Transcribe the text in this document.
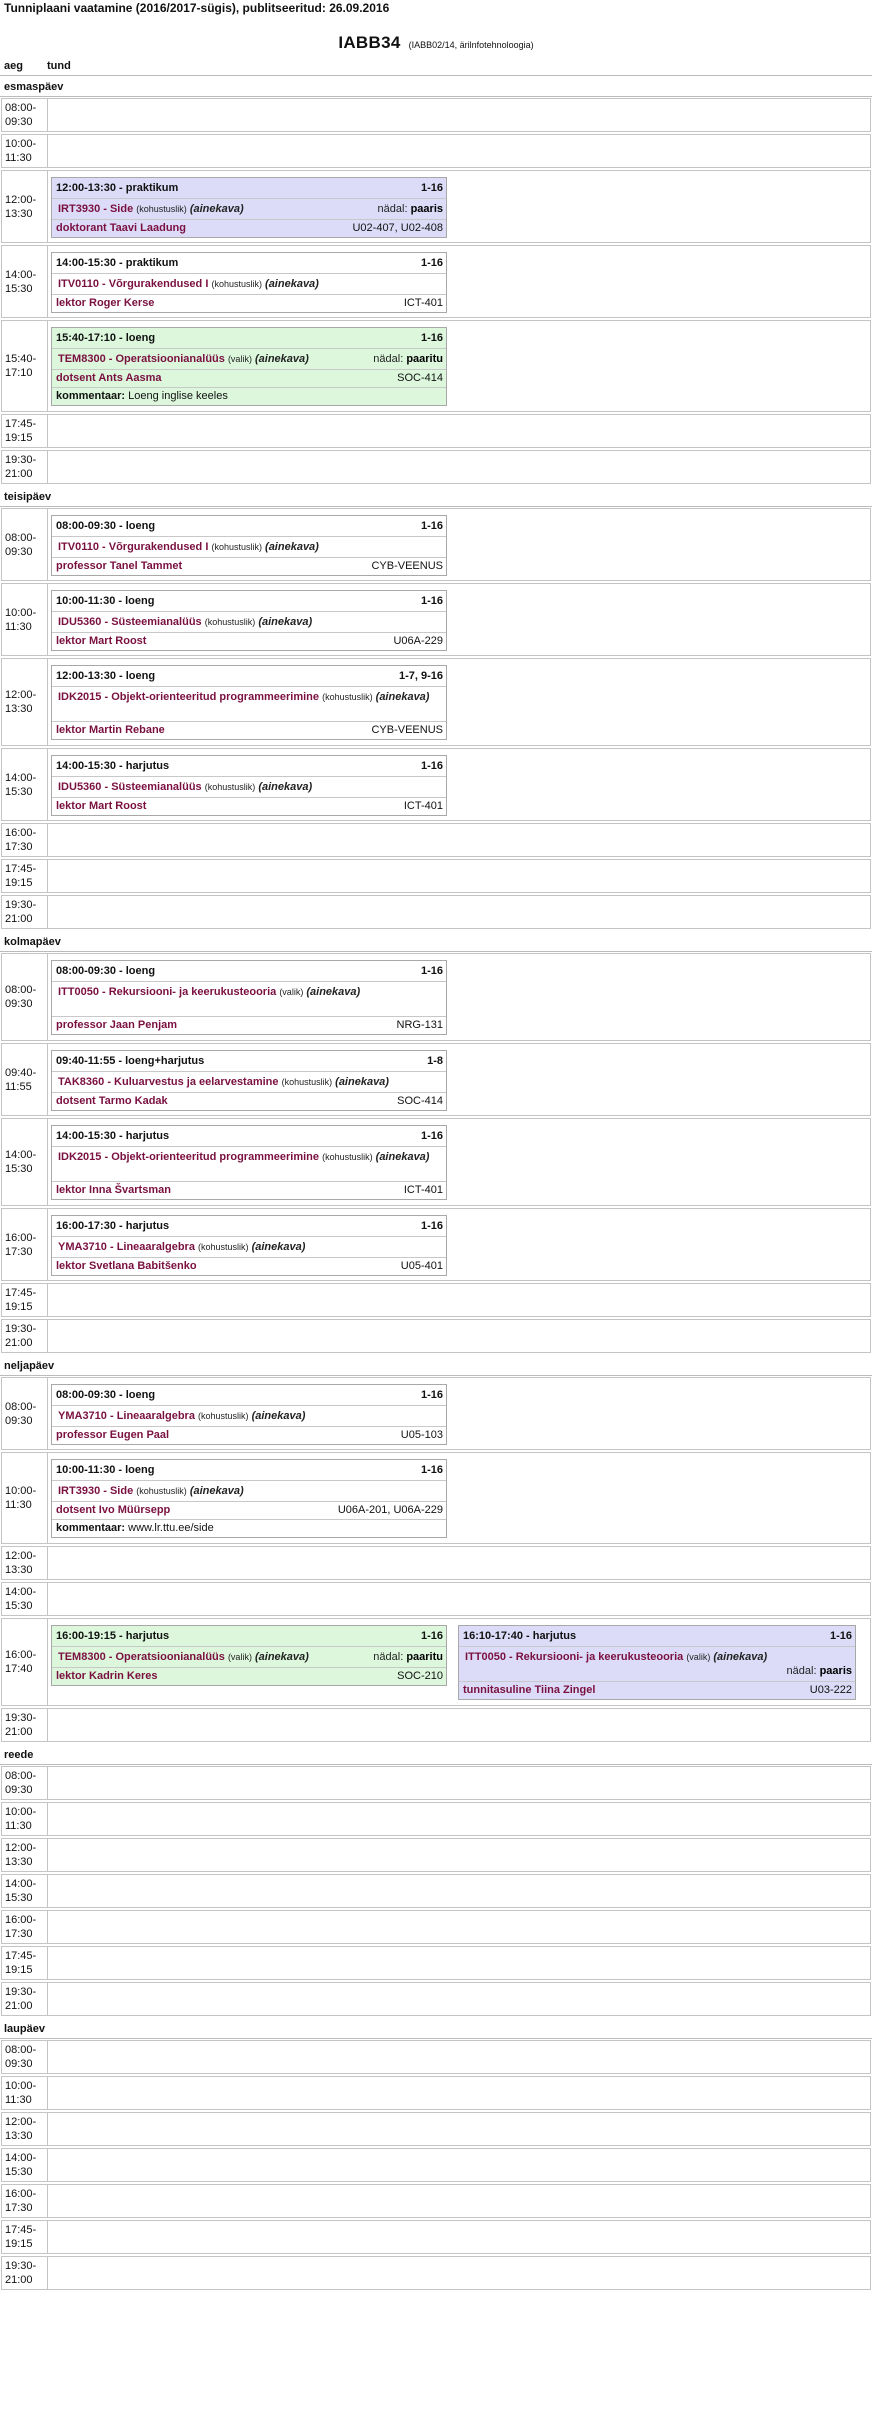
Tunniplaani vaatamine (2016/2017-sügis), publitseeritud: 26.09.2016
IABB34 (IABB02/14, ärilnfotehnoloogia)
aeg tund
esmaspäev
08:00-
09:30
10:00-
11:30
12:00-
13:30
12:00-13:30 - praktikum	1-16
IRT3930 - Side (kohustuslik) (ainekava)	nädal: paaris
doktorant Taavi Laadung	U02-407, U02-408
14:00-
15:30
14:00-15:30 - praktikum	1-16
ITV0110 - Võrgurakendused I (kohustuslik) (ainekava)
lektor Roger Kerse	ICT-401
15:40-
17:10
15:40-17:10 - loeng	1-16
TEM8300 - Operatsioonianalüüs (valik) (ainekava)	nädal: paaritu
dotsent Ants Aasma	SOC-414
kommentaar: Loeng inglise keeles
17:45-
19:15
19:30-
21:00
teisipäev
08:00-
09:30
08:00-09:30 - loeng	1-16
ITV0110 - Võrgurakendused I (kohustuslik) (ainekava)
professor Tanel Tammet	CYB-VEENUS
10:00-
11:30
10:00-11:30 - loeng	1-16
IDU5360 - Süsteemianalüüs (kohustuslik) (ainekava)
lektor Mart Roost	U06A-229
12:00-
13:30
12:00-13:30 - loeng	1-7, 9-16
IDK2015 - Objekt-orienteeritud programmeerimine (kohustuslik) (ainekava)
lektor Martin Rebane	CYB-VEENUS
14:00-
15:30
14:00-15:30 - harjutus	1-16
IDU5360 - Süsteemianalüüs (kohustuslik) (ainekava)
lektor Mart Roost	ICT-401
16:00-
17:30
17:45-
19:15
19:30-
21:00
kolmapäev
08:00-
09:30
08:00-09:30 - loeng	1-16
ITT0050 - Rekursiooni- ja keerukusteooria (valik) (ainekava)
professor Jaan Penjam	NRG-131
09:40-
11:55
09:40-11:55 - loeng+harjutus	1-8
TAK8360 - Kuluarvestus ja eelarvestamine (kohustuslik) (ainekava)
dotsent Tarmo Kadak	SOC-414
14:00-
15:30
14:00-15:30 - harjutus	1-16
IDK2015 - Objekt-orienteeritud programmeerimine (kohustuslik) (ainekava)
lektor Inna Švartsman	ICT-401
16:00-
17:30
16:00-17:30 - harjutus	1-16
YMA3710 - Lineaaralgebra (kohustuslik) (ainekava)
lektor Svetlana Babitšenko	U05-401
17:45-
19:15
19:30-
21:00
neljapäev
08:00-
09:30
08:00-09:30 - loeng	1-16
YMA3710 - Lineaaralgebra (kohustuslik) (ainekava)
professor Eugen Paal	U05-103
10:00-
11:30
10:00-11:30 - loeng	1-16
IRT3930 - Side (kohustuslik) (ainekava)
dotsent Ivo Müürsepp	U06A-201, U06A-229
kommentaar: www.lr.ttu.ee/side
12:00-
13:30
14:00-
15:30
16:00-
17:40
16:00-19:15 - harjutus	1-16
TEM8300 - Operatsioonianalüüs (valik) (ainekava)	nädal: paaritu
lektor Kadrin Keres	SOC-210
16:10-17:40 - harjutus	1-16
ITT0050 - Rekursiooni- ja keerukusteooria (valik) (ainekava)
nädal: paaris
tunnitasuline Tiina Zingel	U03-222
19:30-
21:00
reede
08:00-
09:30
10:00-
11:30
12:00-
13:30
14:00-
15:30
16:00-
17:30
17:45-
19:15
19:30-
21:00
laupäev
08:00-
09:30
10:00-
11:30
12:00-
13:30
14:00-
15:30
16:00-
17:30
17:45-
19:15
19:30-
21:00
